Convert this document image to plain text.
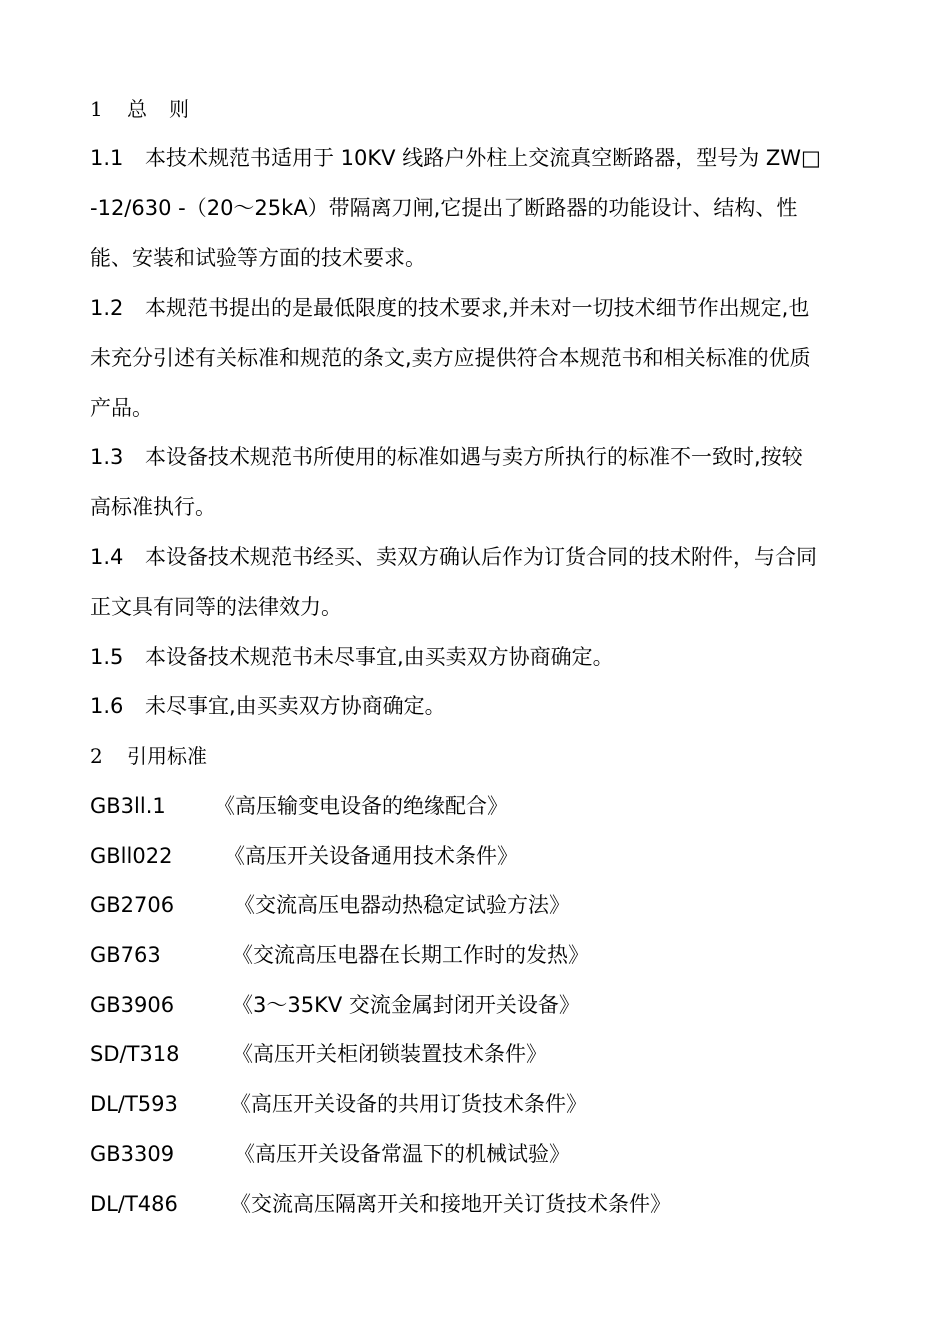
1 总则
1.1 本技术规范书适用于 10KV 线路户外柱上交流真空断路器，型号为 ZW□
-12/630 -（20～25kA）带隔离刀闸,它提出了断路器的功能设计、结构、性
能、安装和试验等方面的技术要求。
1.2 本规范书提出的是最低限度的技术要求,并未对一切技术细节作出规定,也
未充分引述有关标准和规范的条文,卖方应提供符合本规范书和相关标准的优质
产品。
1.3 本设备技术规范书所使用的标准如遇与卖方所执行的标准不一致时,按较
高标准执行。
1.4 本设备技术规范书经买、卖双方确认后作为订货合同的技术附件，与合同
正文具有同等的法律效力。
1.5 本设备技术规范书未尽事宜,由买卖双方协商确定。
1.6 未尽事宜,由买卖双方协商确定。
2 引用标准
GB3ll.1 《高压输变电设备的绝缘配合》
GBll022 《高压开关设备通用技术条件》
GB2706	《交流高压电器动热稳定试验方法》
GB763	《交流高压电器在长期工作时的发热》
GB3906	《3～35KV 交流金属封闭开关设备》
SD/T318	《高压开关柜闭锁装置技术条件》
DL/T593 《高压开关设备的共用订货技术条件》
GB3309	《高压开关设备常温下的机械试验》
DL/T486 《交流高压隔离开关和接地开关订货技术条件》
